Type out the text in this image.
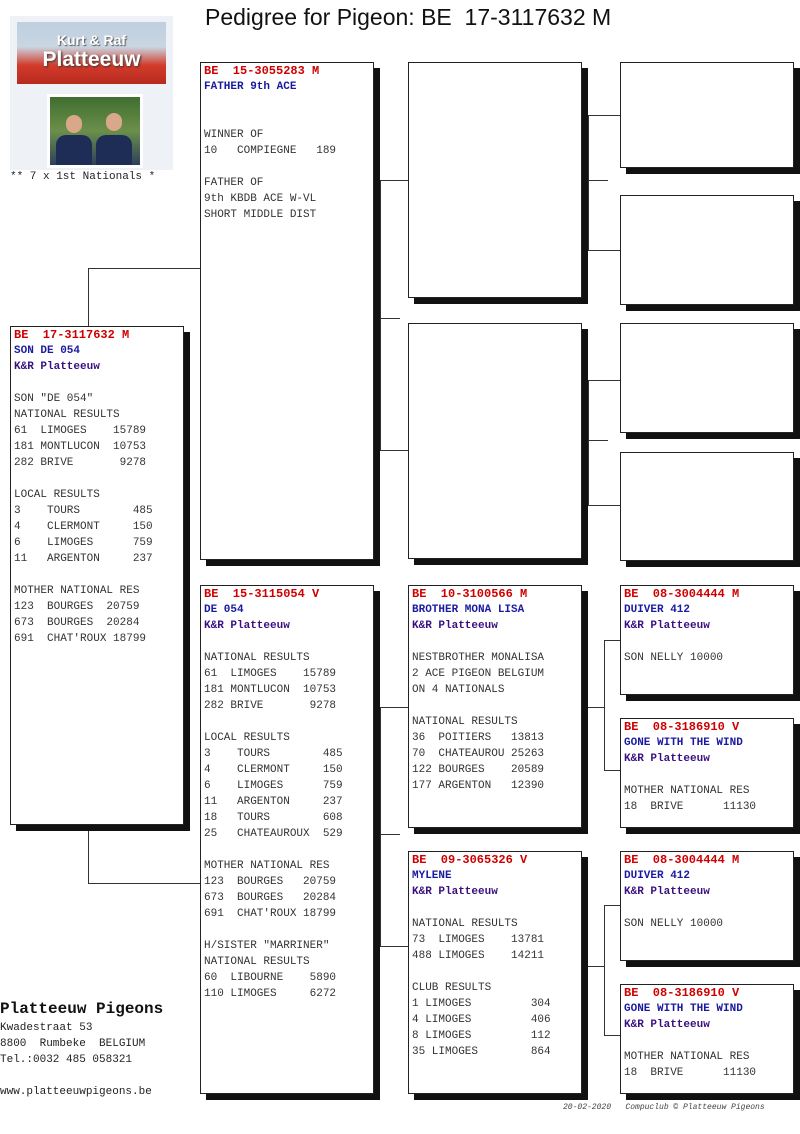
Pedigree for Pigeon: BE  17-3117632 M
Kurt & Raf
Platteeuw
** 7 x 1st Nationals *
BE  17-3117632 M
SON DE 054
K&R Platteeuw

SON "DE 054"
NATIONAL RESULTS
61  LIMOGES    15789
181 MONTLUCON  10753
282 BRIVE       9278

LOCAL RESULTS
3    TOURS        485
4    CLERMONT     150
6    LIMOGES      759
11   ARGENTON     237

MOTHER NATIONAL RES
123  BOURGES  20759
673  BOURGES  20284
691  CHAT'ROUX 18799
BE  15-3055283 M
FATHER 9th ACE

WINNER OF
10   COMPIEGNE   189

FATHER OF
9th KBDB ACE W-VL
SHORT MIDDLE DIST
BE  15-3115054 V
DE 054
K&R Platteeuw

NATIONAL RESULTS
61  LIMOGES    15789
181 MONTLUCON  10753
282 BRIVE       9278

LOCAL RESULTS
3    TOURS        485
4    CLERMONT     150
6    LIMOGES      759
11   ARGENTON     237
18   TOURS        608
25   CHATEAUROUX  529

MOTHER NATIONAL RES
123  BOURGES   20759
673  BOURGES   20284
691  CHAT'ROUX 18799

H/SISTER "MARRINER"
NATIONAL RESULTS
60  LIBOURNE    5890
110 LIMOGES     6272
BE  10-3100566 M
BROTHER MONA LISA
K&R Platteeuw

NESTBROTHER MONALISA
2 ACE PIGEON BELGIUM
ON 4 NATIONALS

NATIONAL RESULTS
36  POITIERS   13813
70  CHATEAUROU 25263
122 BOURGES    20589
177 ARGENTON   12390
BE  09-3065326 V
MYLENE
K&R Platteeuw

NATIONAL RESULTS
73  LIMOGES    13781
488 LIMOGES    14211

CLUB RESULTS
1 LIMOGES         304
4 LIMOGES         406
8 LIMOGES         112
35 LIMOGES        864
BE  08-3004444 M
DUIVER 412
K&R Platteeuw

SON NELLY 10000
BE  08-3186910 V
GONE WITH THE WIND
K&R Platteeuw

MOTHER NATIONAL RES
18  BRIVE      11130
BE  08-3004444 M
DUIVER 412
K&R Platteeuw

SON NELLY 10000
BE  08-3186910 V
GONE WITH THE WIND
K&R Platteeuw

MOTHER NATIONAL RES
18  BRIVE      11130
Platteeuw Pigeons
Kwadestraat 53
8800  Rumbeke  BELGIUM
Tel.:0032 485 058321
www.platteeuwpigeons.be
20-02-2020 Compuclub © Platteeuw Pigeons
